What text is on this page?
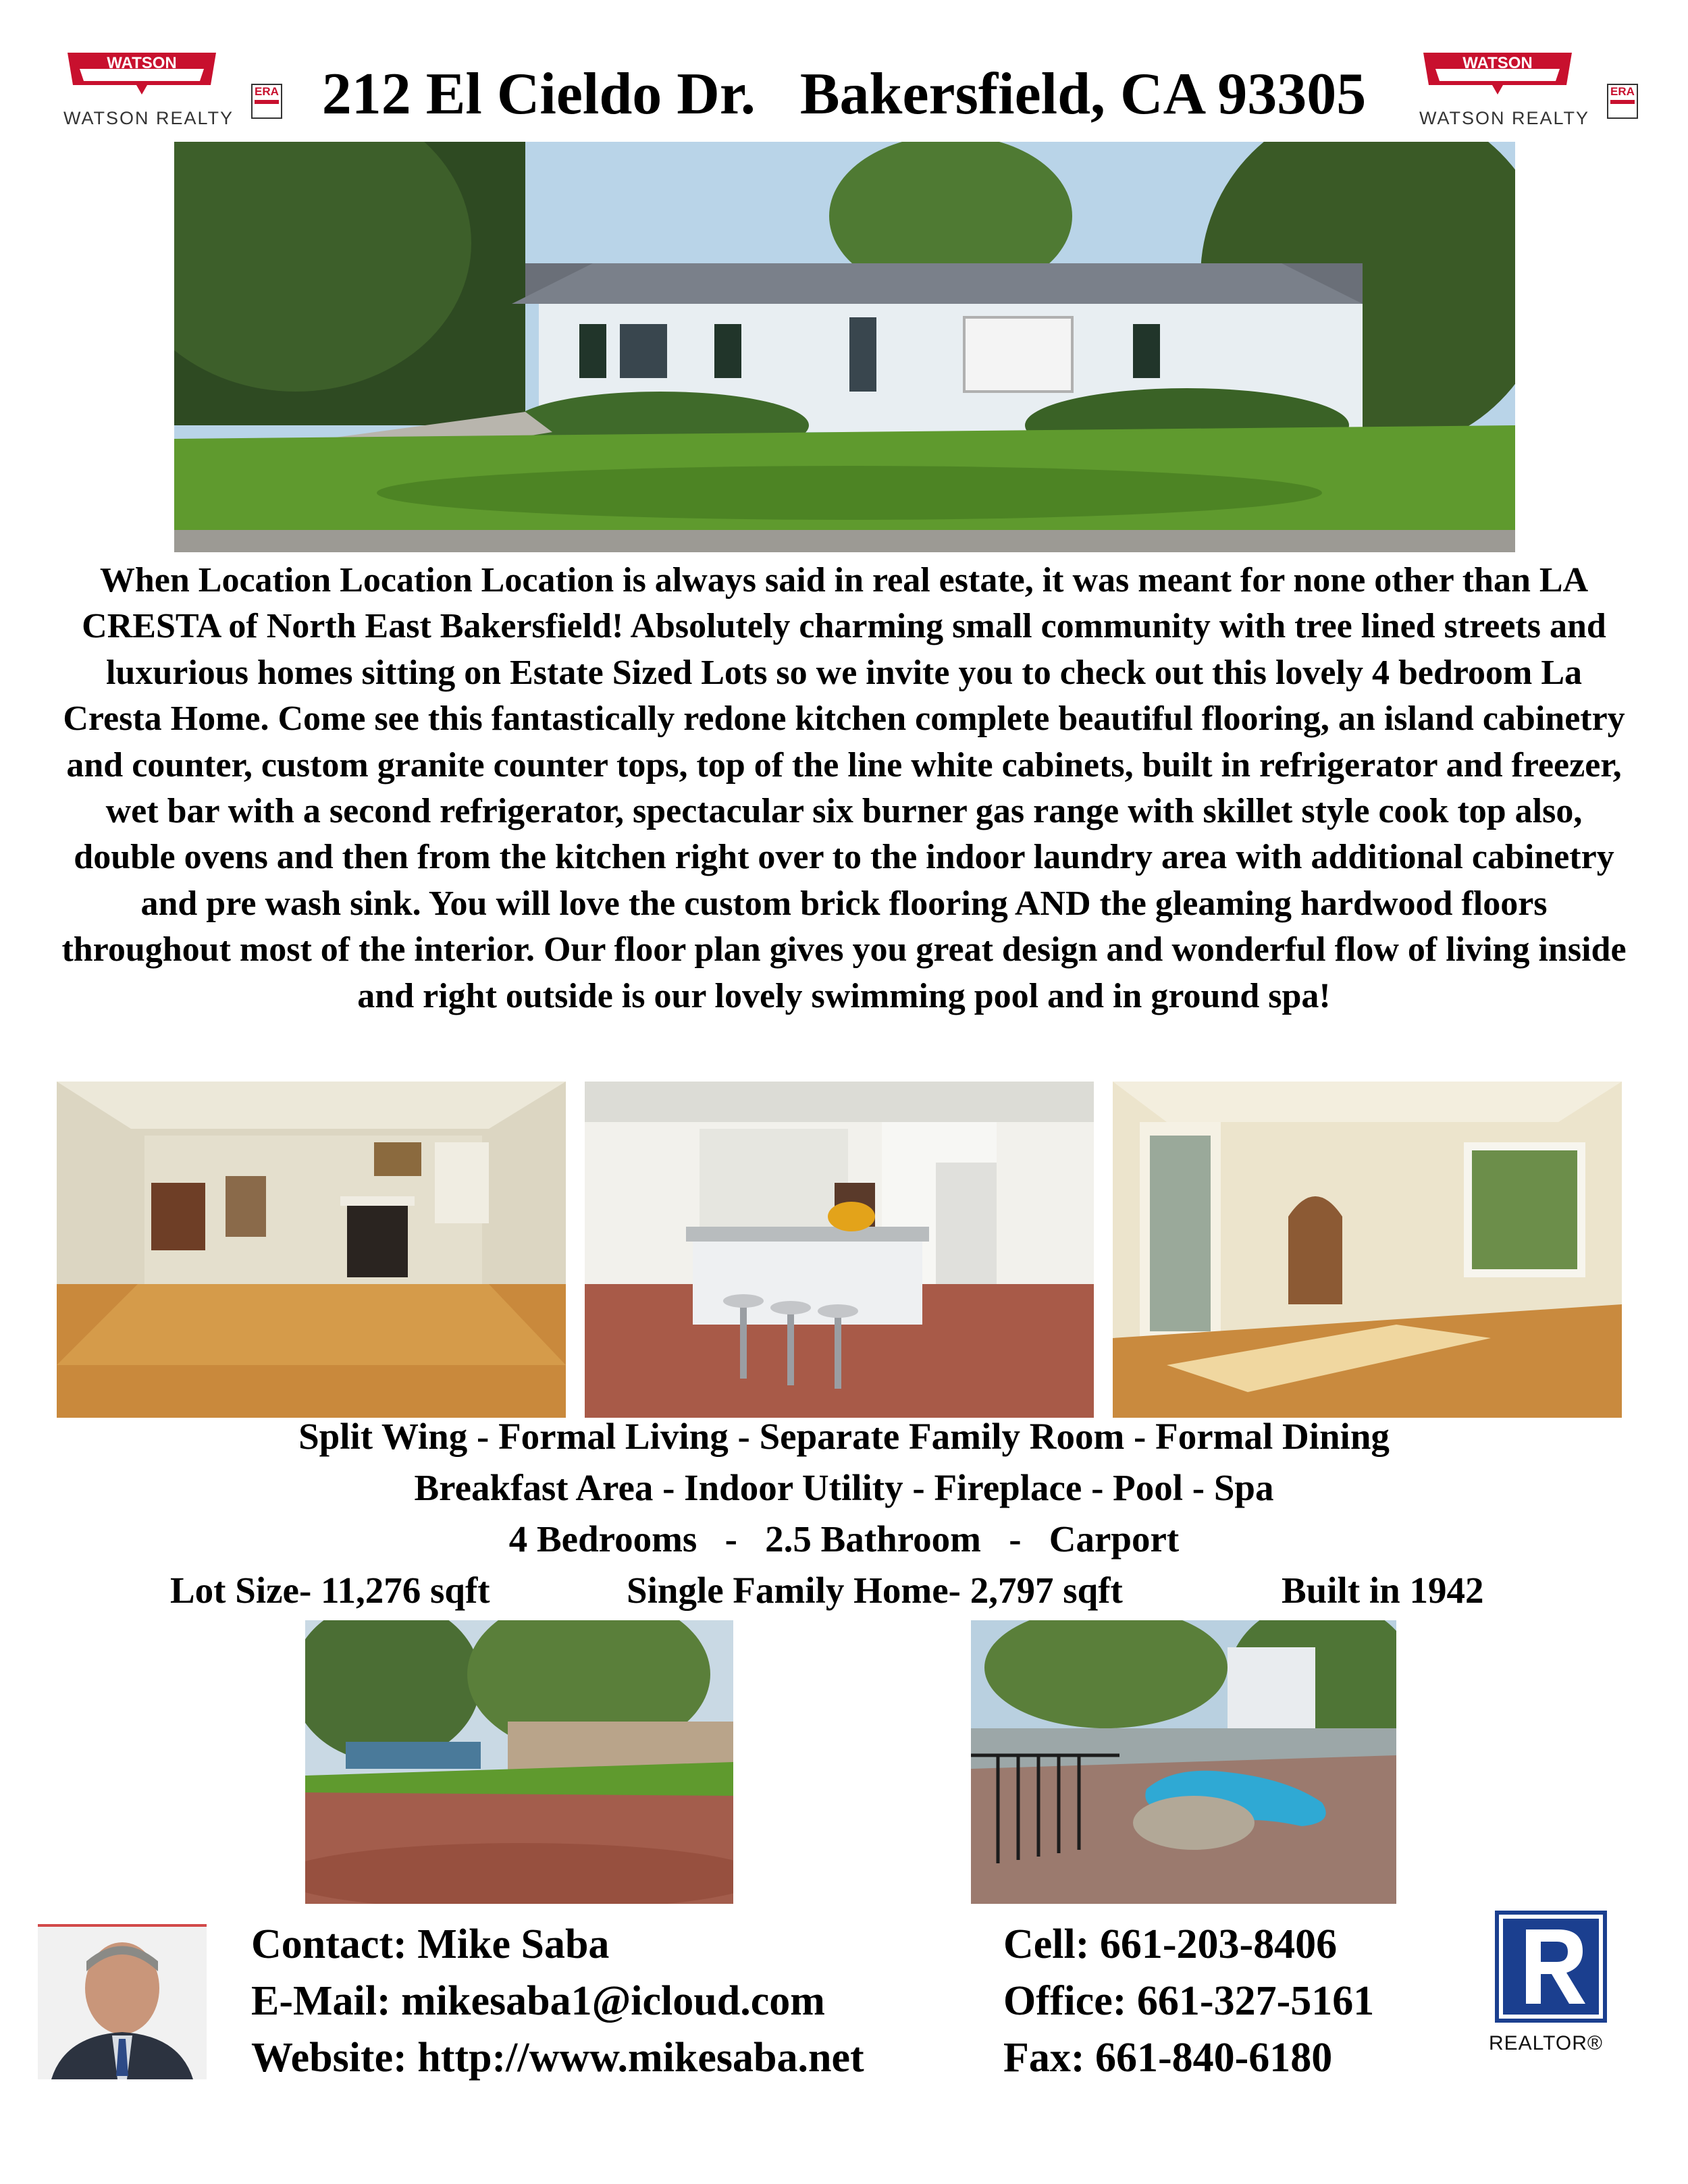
WATSON
WATSON REALTY
ERA 212 El Cieldo Dr.   Bakersfield, CA 93305	WATSON
WATSON REALTY
ERA
When Location Location Location is always said in real estate, it was meant for none other than LA CRESTA of North East Bakersfield! Absolutely charming small community with tree lined streets and luxurious homes sitting on Estate Sized Lots so we invite you to check out this lovely 4 bedroom La Cresta Home. Come see this fantastically redone kitchen complete beautiful flooring, an island cabinetry and counter, custom granite counter tops, top of the line white cabinets, built in refrigerator and freezer, wet bar with a second refrigerator, spectacular six burner gas range with skillet style cook top also, double ovens and then from the kitchen right over to the indoor laundry area with additional cabinetry and pre wash sink. You will love the custom brick flooring AND the gleaming hardwood floors throughout most of the interior. Our floor plan gives you great design and wonderful flow of living inside and right outside is our lovely swimming pool and in ground spa!
Split Wing - Formal Living - Separate Family Room - Formal Dining
Breakfast Area - Indoor Utility - Fireplace - Pool - Spa
4 Bedrooms   -   2.5 Bathroom   -   Carport

Lot Size- 11,276 sqft

	Single Family Home- 2,797 sqft

	Built in 1942

Contact: Mike Saba
E-Mail: mikesaba1@icloud.com
Website: http://www.mikesaba.net
Cell: 661-203-8406
Office: 661-327-5161
Fax: 661-840-6180	REALTOR®
